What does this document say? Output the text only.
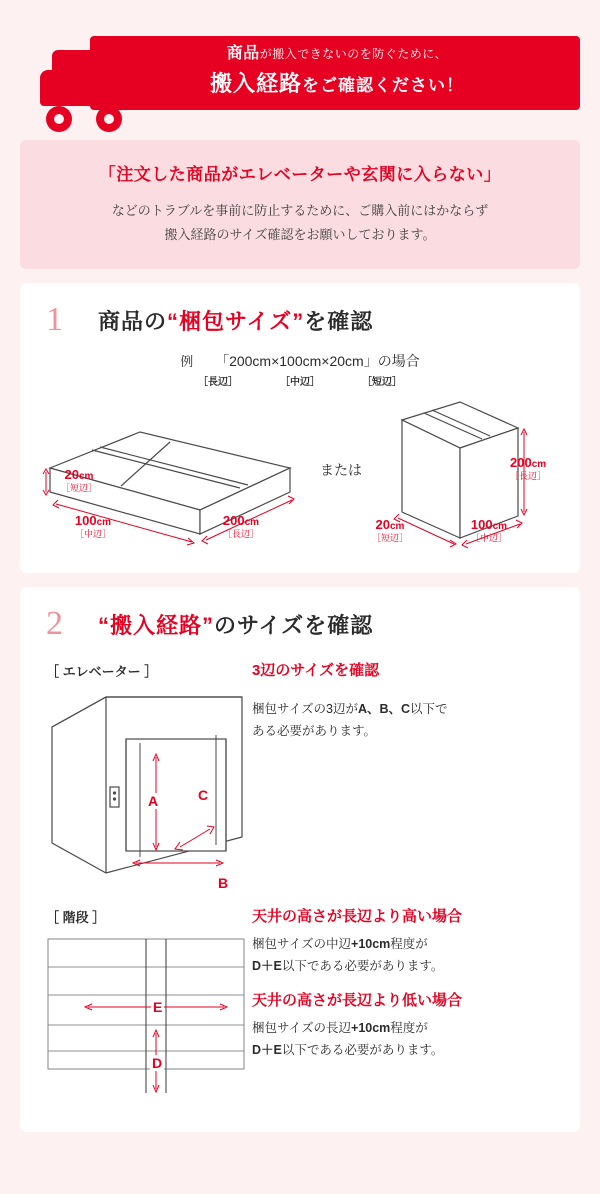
商品が搬入できないのを防ぐために、
搬入経路をご確認ください！
「注文した商品がエレベーターや玄関に入らない」
などのトラブルを事前に防止するために、ご購入前にはかならず
搬入経路のサイズ確認をお願いしております。
1	商品の“梱包サイズ”を確認
例 「200cm×100cm×20cm」の場合
［長辺］	［中辺］	［短辺］
または
20cm
［短辺］
100cm
［中辺］
200cm
［長辺］
200cm
［長辺］
20cm
［短辺］
100cm
［中辺］
2	“搬入経路”のサイズを確認
［ エレベーター ］	3辺のサイズを確認
A
B
C
梱包サイズの3辺がA、B、C以下で
ある必要があります。
［ 階段 ］
E
D
天井の高さが長辺より高い場合
梱包サイズの中辺+10cm程度が
D＋E以下である必要があります。
天井の高さが長辺より低い場合
梱包サイズの長辺+10cm程度が
D＋E以下である必要があります。
